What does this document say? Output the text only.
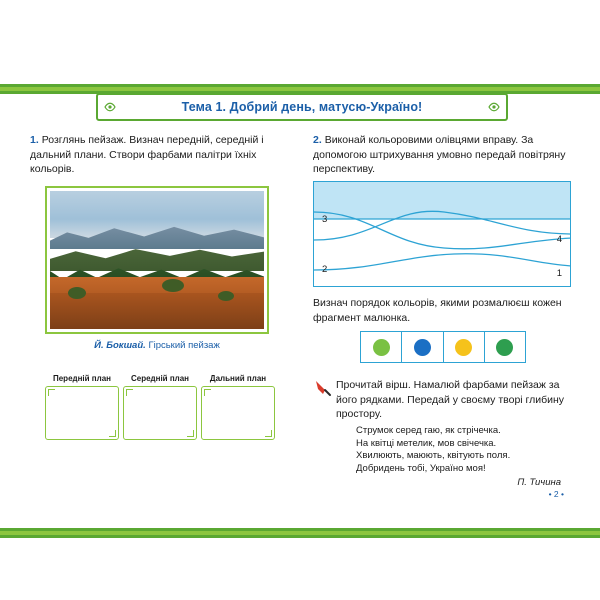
Тема 1. Добрий день, матусю-Україно!
1. Розглянь пейзаж. Визнач передній, середній і дальний плани. Створи фарбами палітри їхніх кольорів.
Й. Бокшай. Гірський пейзаж
Передній план	Середній план	Дальний план
2. Виконай кольоровими олівцями вправу. За допомогою штрихування умовно передай повітряну перспективу.
3
2
4
1
Визнач порядок кольорів, якими розмалюєш кожен фрагмент малюнка.
Прочитай вірш. Намалюй фарбами пейзаж за його рядками. Передай у своєму творі глибину простору.
Струмок серед гаю, як стрічечка.
На квітці метелик, мов свічечка.
Хвилюють, маюють, квітують поля.
Добридень тобі, Україно моя!
П. Тичина
• 2 •
